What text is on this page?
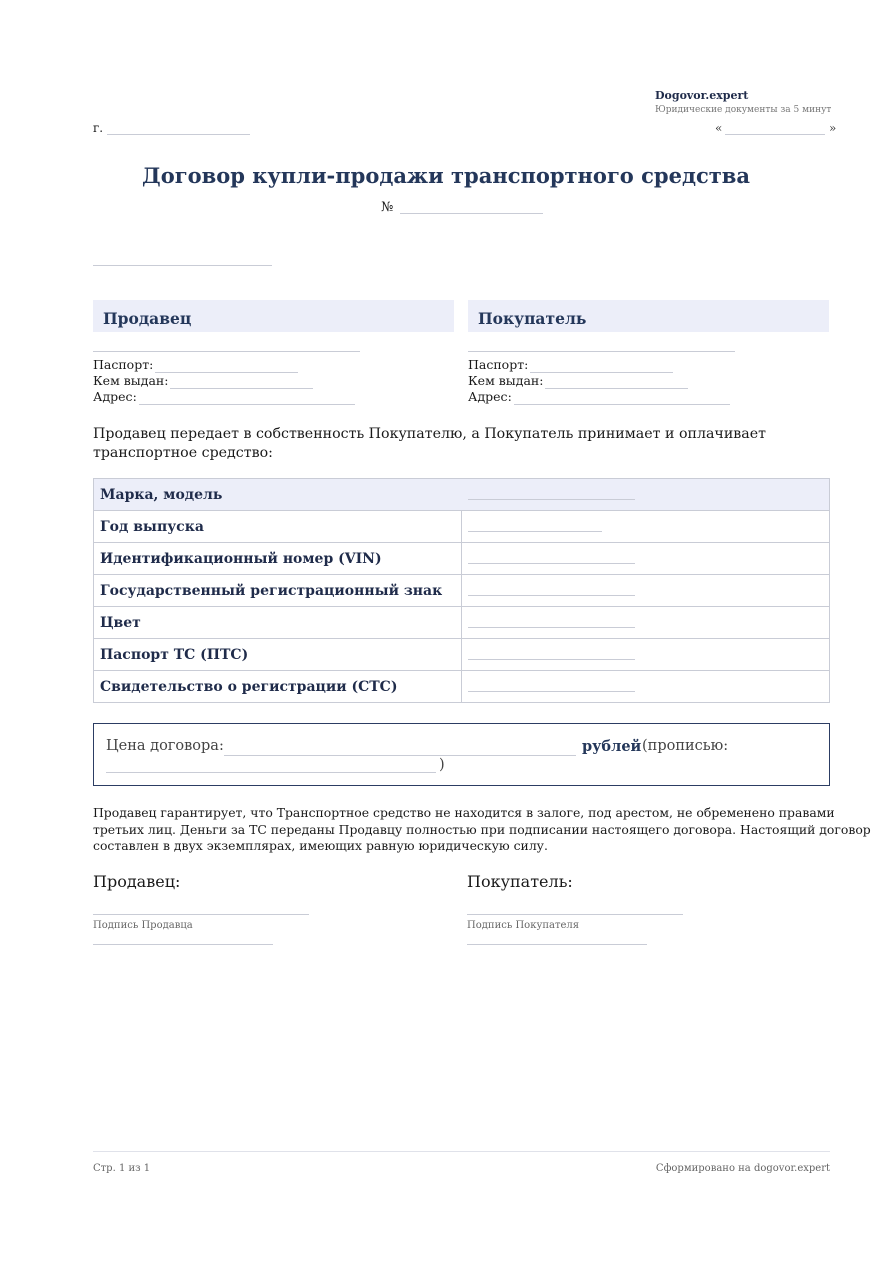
Dogovor.expert
Юридические документы за 5 минут
г.	«	»
Договор купли-продажи транспортного средства
№
Продавец	Покупатель
Паспорт:
Кем выдан:
Адрес:
Паспорт:
Кем выдан:
Адрес:
Продавец передает в собственность Покупателю, а Покупатель принимает и оплачивает транспортное средство:
Марка, модель	

Год выпуска	

Идентификационный номер (VIN)	

Государственный регистрационный знак	

Цвет	

Паспорт ТС (ПТС)	

Свидетельство о регистрации (СТС)	
Цена договора:	рублей (прописью:
)
Продавец гарантирует, что Транспортное средство не находится в залоге, под арестом, не обременено правами третьих лиц. Деньги за ТС переданы Продавцу полностью при подписании настоящего договора. Настоящий договор составлен в двух экземплярах, имеющих равную юридическую силу.
Продавец:
Подпись Продавца
Покупатель:
Подпись Покупателя
Стр. 1 из 1	Сформировано на dogovor.expert
